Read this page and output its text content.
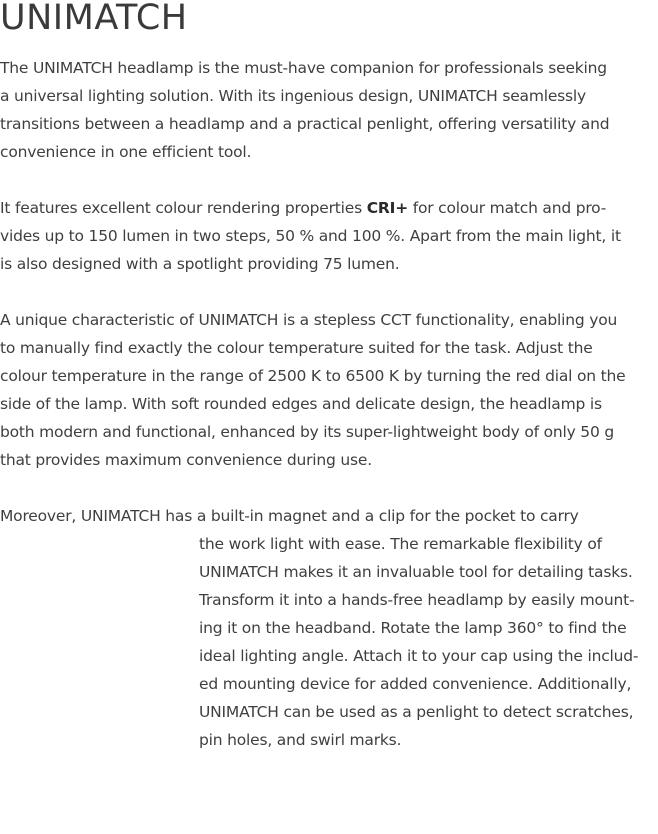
UNIMATCH
The UNIMATCH headlamp is the must-have companion for professionals seeking
a universal lighting solution. With its ingenious design, UNIMATCH seamlessly
transitions between a headlamp and a practical penlight, offering versatility and
convenience in one efficient tool.
It features excellent colour rendering properties CRI+ for colour match and pro-
vides up to 150 lumen in two steps, 50 % and 100 %. Apart from the main light, it
is also designed with a spotlight providing 75 lumen.
A unique characteristic of UNIMATCH is a stepless CCT functionality, enabling you
to manually find exactly the colour temperature suited for the task. Adjust the
colour temperature in the range of 2500 K to 6500 K by turning the red dial on the
side of the lamp. With soft rounded edges and delicate design, the headlamp is
both modern and functional, enhanced by its super-lightweight body of only 50 g
that provides maximum convenience during use.
Moreover, UNIMATCH has a built-in magnet and a clip for the pocket to carry
the work light with ease. The remarkable flexibility of
UNIMATCH makes it an invaluable tool for detailing tasks.
Transform it into a hands-free headlamp by easily mount-
ing it on the headband. Rotate the lamp 360° to find the
ideal lighting angle. Attach it to your cap using the includ-
ed mounting device for added convenience. Additionally,
UNIMATCH can be used as a penlight to detect scratches,
pin holes, and swirl marks.
